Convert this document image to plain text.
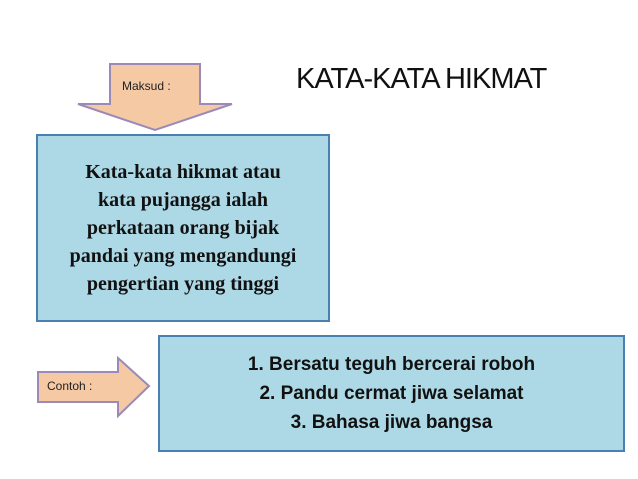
Maksud :
Contoh :
KATA-KATA HIKMAT

Kata-kata hikmat atau
kata pujangga ialah
perkataan orang bijak
pandai yang mengandungi
pengertian yang tinggi

1. Bersatu teguh bercerai roboh
2. Pandu cermat jiwa selamat
3. Bahasa jiwa bangsa
